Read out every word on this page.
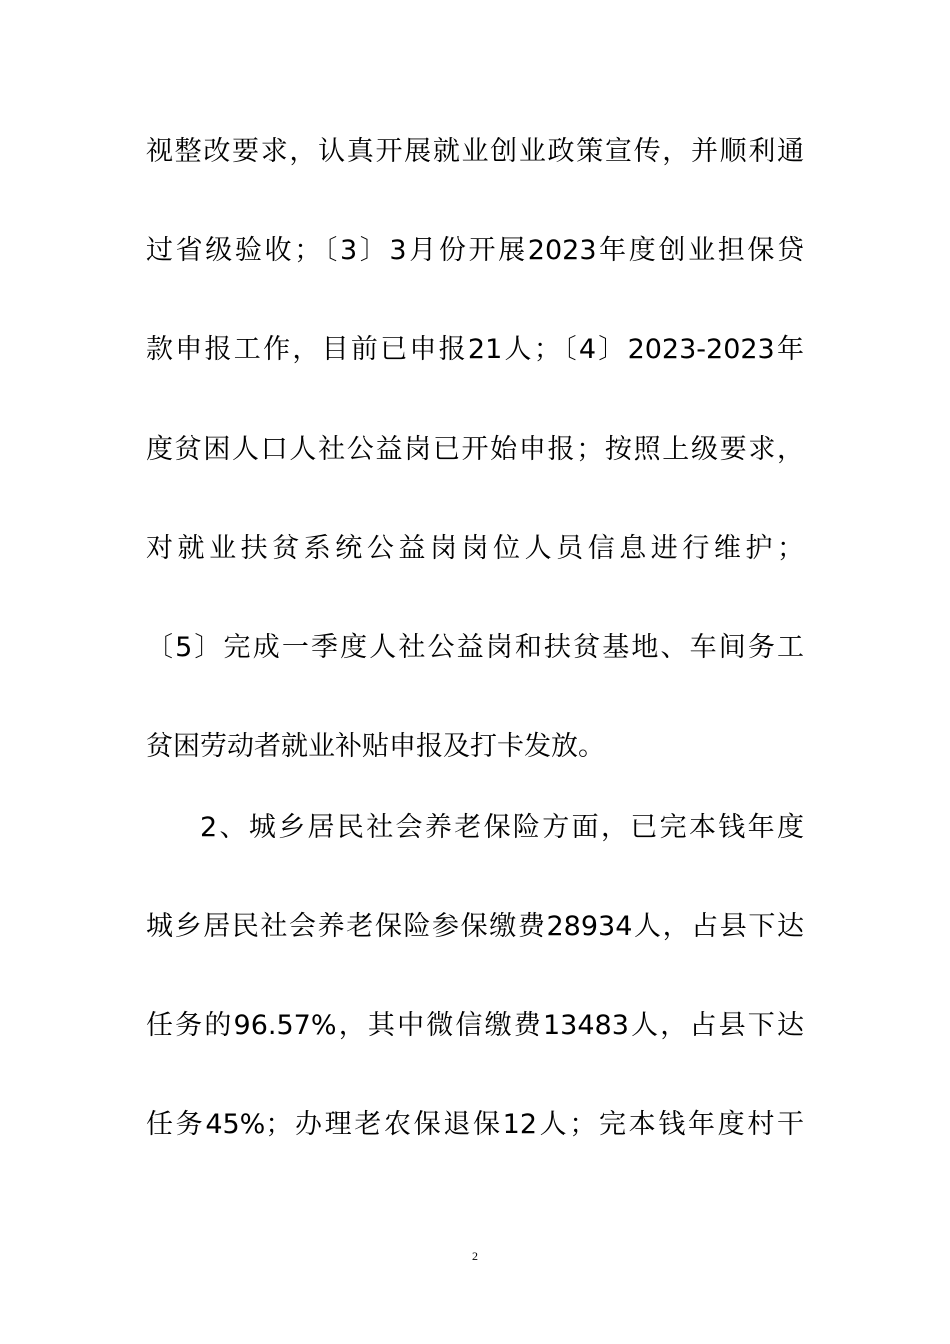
视整改要求，认真开展就业创业政策宣传，并顺利通
过省级验收；〔3〕3月份开展2023年度创业担保贷
款申报工作，目前已申报21人；〔4〕2023-2023年
度贫困人口人社公益岗已开始申报；按照上级要求，
对就业扶贫系统公益岗岗位人员信息进行维护；
〔5〕完成一季度人社公益岗和扶贫基地、车间务工
贫困劳动者就业补贴申报及打卡发放。
2、城乡居民社会养老保险方面，已完本钱年度
城乡居民社会养老保险参保缴费28934人，占县下达
任务的96.57%，其中微信缴费13483人，占县下达
任务45%；办理老农保退保12人；完本钱年度村干
2
